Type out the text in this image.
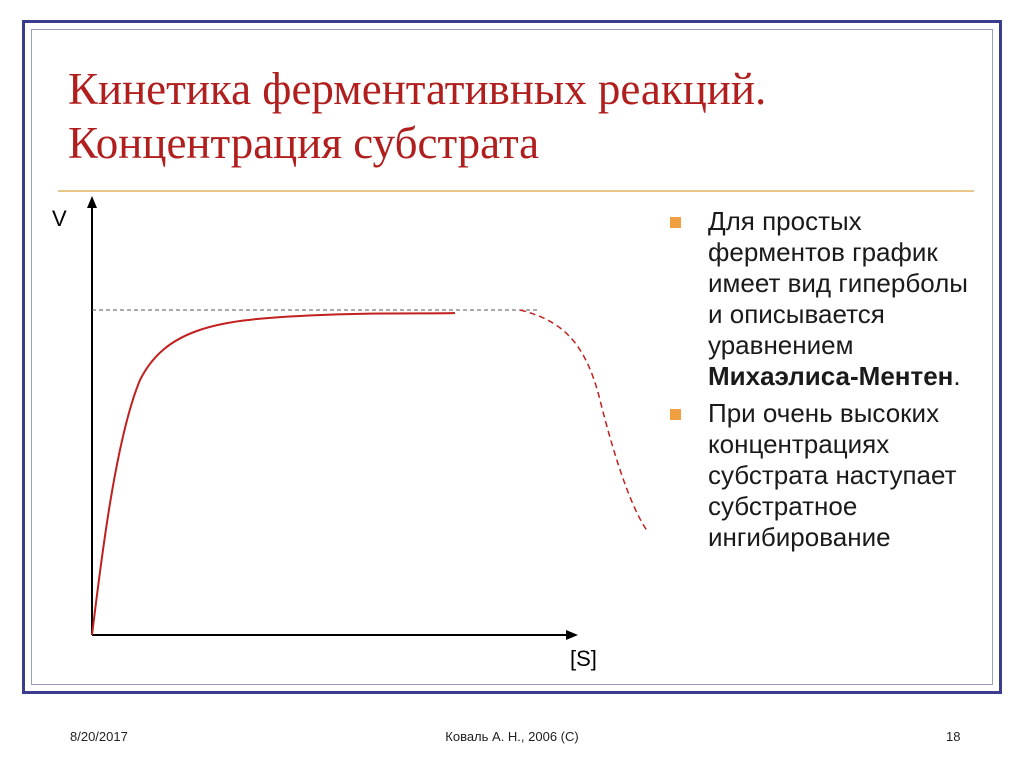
Кинетика ферментативных реакций.
Концентрация субстрата
V
[S]
Для простых ферментов график имеет вид гиперболы и описывается уравнением Михаэлиса-Ментен.
При очень высоких концентрациях субстрата наступает субстратное ингибирование
8/20/2017	Коваль А. Н., 2006 (С)	18
